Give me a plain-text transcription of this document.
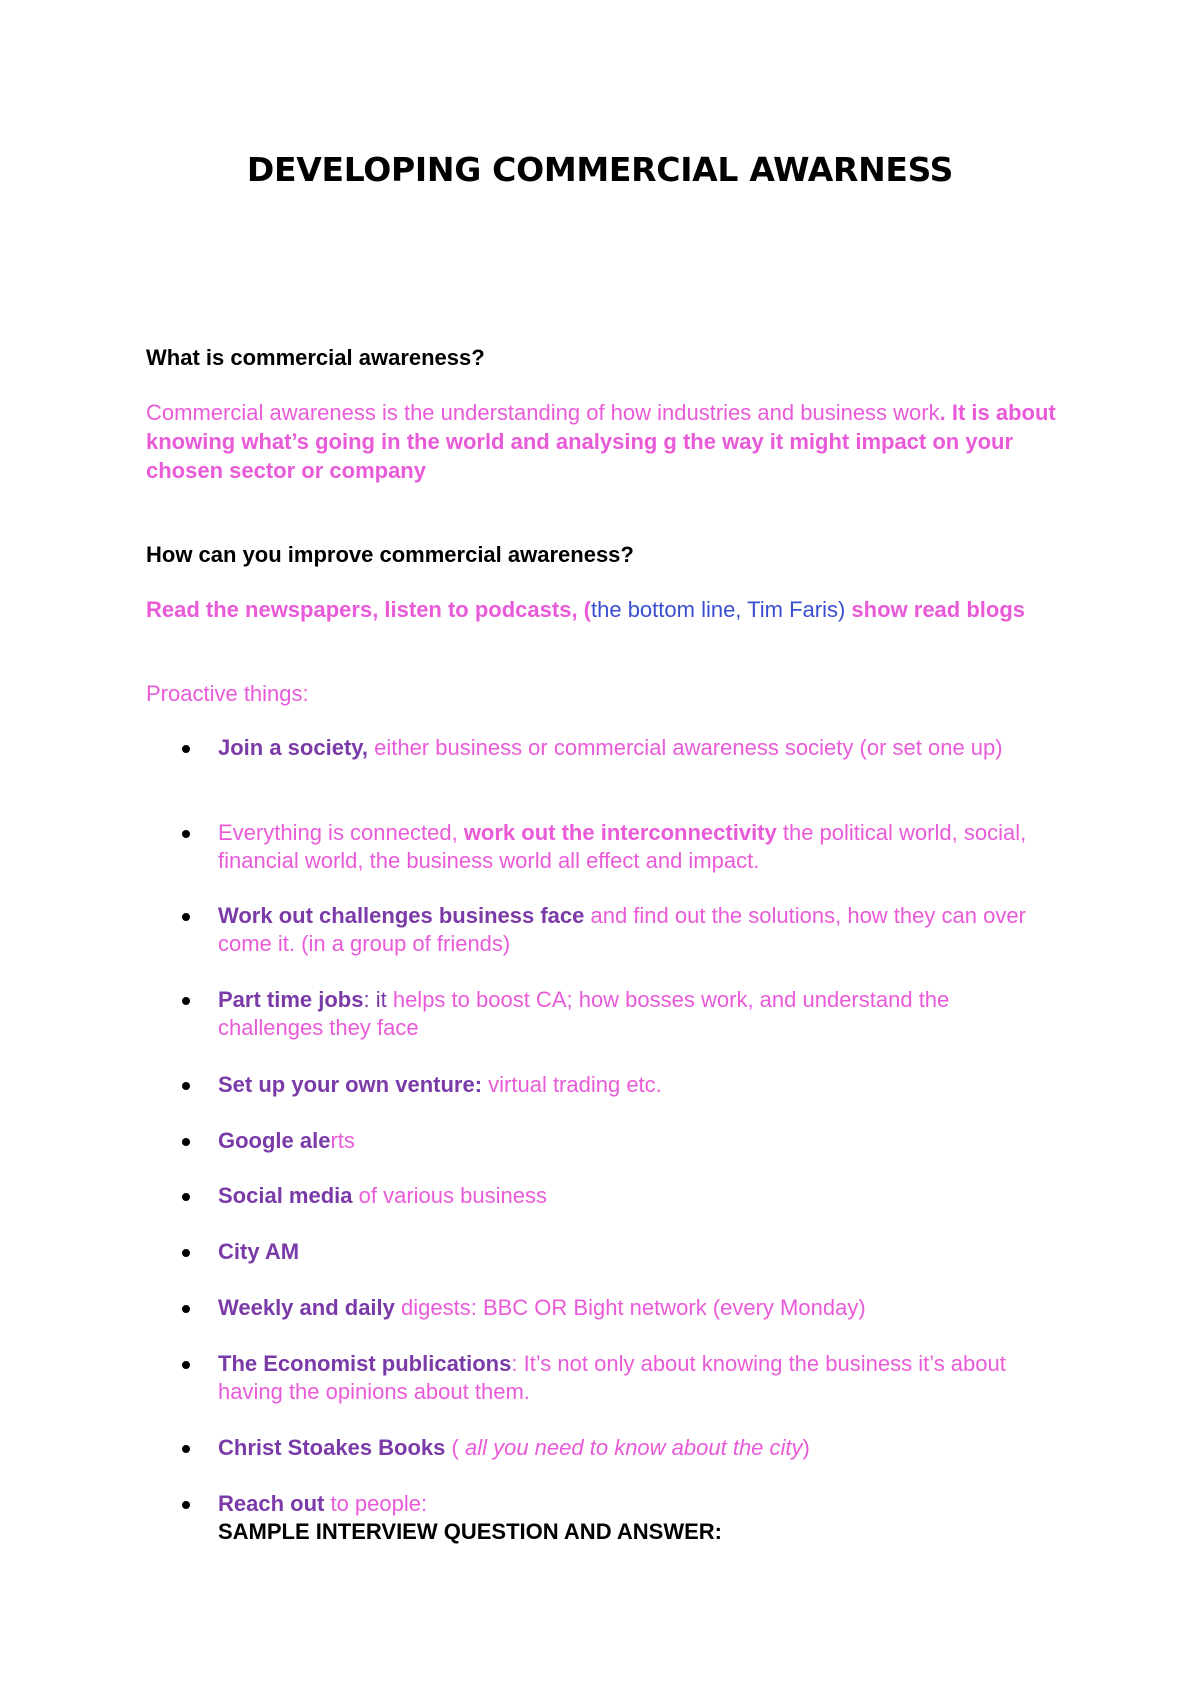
DEVELOPING COMMERCIAL AWARNESS
What is commercial awareness?
Commercial awareness is the understanding of how industries and business work. It is about knowing what’s going in the world and analysing g the way it might impact on your chosen sector or company
How can you improve commercial awareness?
Read the newspapers, listen to podcasts, (the bottom line, Tim Faris) show read blogs
Proactive things:
Join a society, either business or commercial awareness society (or set one up)
Everything is connected, work out the interconnectivity the political world, social, financial world, the business world all effect and impact.
Work out challenges business face and find out the solutions, how they can over come it. (in a group of friends)
Part time jobs: it helps to boost CA; how bosses work, and understand the challenges they face
Set up your own venture: virtual trading etc.
Google alerts
Social media of various business
City AM
Weekly and daily digests: BBC OR Bight network (every Monday)
The Economist publications: It’s not only about knowing the business it’s about having the opinions about them.
Christ Stoakes Books ( all you need to know about the city)
Reach out to people:
SAMPLE INTERVIEW QUESTION AND ANSWER:
